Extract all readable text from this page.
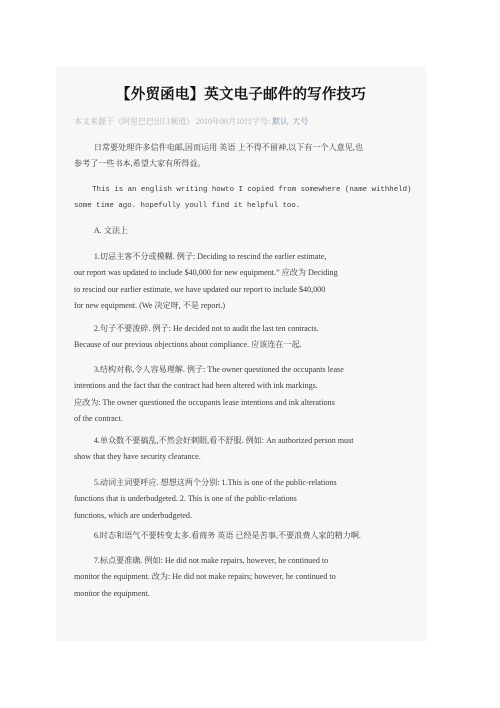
【外贸函电】英文电子邮件的写作技巧
本文来源于《阿里巴巴出口频道》 2010年08月10日字号: 默认 大号

日常要处理许多信件电邮,因而运用 英语 上不得不留神,以下有一个人意见,也
参考了一些书本,希望大家有所得益。

This is an english writing howto I copied from somewhere (name withheld)
some time ago. hopefully youll find it helpful too.

A. 文法上

1.切忌主客不分或模糊. 例子: Deciding to rescind the earlier estimate,
our report was updated to include $40,000 for new equipment.” 应改为 Deciding
to rescind our earlier estimate, we have updated our report to include $40,000
for new equipment. (We 决定呀, 不是 report.)

2.句子不要浚碎. 例子: He decided not to audit the last ten contracts.
Because of our previous objections about compliance. 应该连在一起.

3.结构对称,令人容易理解. 例子: The owner questioned the occupants lease
intentions and the fact that the contract had been altered with ink markings.
应改为: The owner questioned the occupants lease intentions and ink alterations
of the contract.

4.单众数不要搞乱,不然会好刺眼,看不舒服. 例如: An authorized person must
show that they have security clearance.

5.动词主词要呼应. 想想这两个分别: 1.This is one of the public-relations
functions that is underbudgeted. 2. This is one of the public-relations
functions, which are underbudgeted.

6.时态和语气不要转变太多.看商务 英语 已经是苦事,不要浪费人家的精力啊.

7.标点要准确. 例如: He did not make repairs, however, he continued to
monitor the equipment. 改为: He did not make repairs; however, he continued to
monitor the equipment.
